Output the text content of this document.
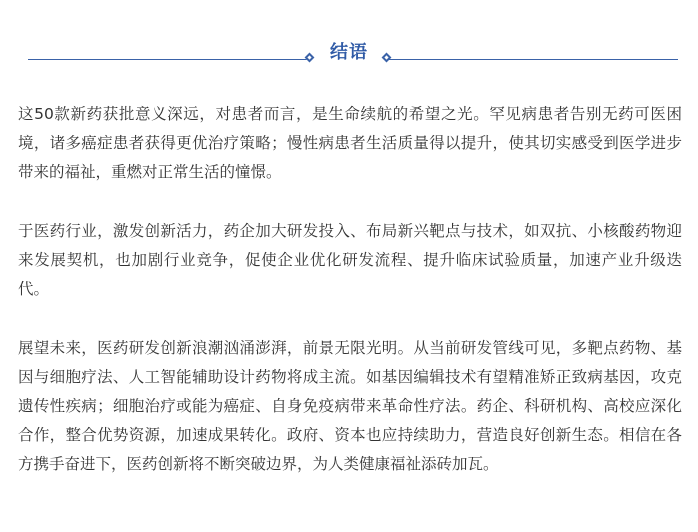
结语

这50款新药获批意义深远，对患者而言，是生命续航的希望之光。罕见病患者告别无药可医困境，诸多癌症患者获得更优治疗策略；慢性病患者生活质量得以提升，使其切实感受到医学进步带来的福祉，重燃对正常生活的憧憬。

于医药行业，激发创新活力，药企加大研发投入、布局新兴靶点与技术，如双抗、小核酸药物迎来发展契机，也加剧行业竞争，促使企业优化研发流程、提升临床试验质量，加速产业升级迭代。

展望未来，医药研发创新浪潮汹涌澎湃，前景无限光明。从当前研发管线可见，多靶点药物、基因与细胞疗法、人工智能辅助设计药物将成主流。如基因编辑技术有望精准矫正致病基因，攻克遗传性疾病；细胞治疗或能为癌症、自身免疫病带来革命性疗法。药企、科研机构、高校应深化合作，整合优势资源，加速成果转化。政府、资本也应持续助力，营造良好创新生态。相信在各方携手奋进下，医药创新将不断突破边界，为人类健康福祉添砖加瓦。
